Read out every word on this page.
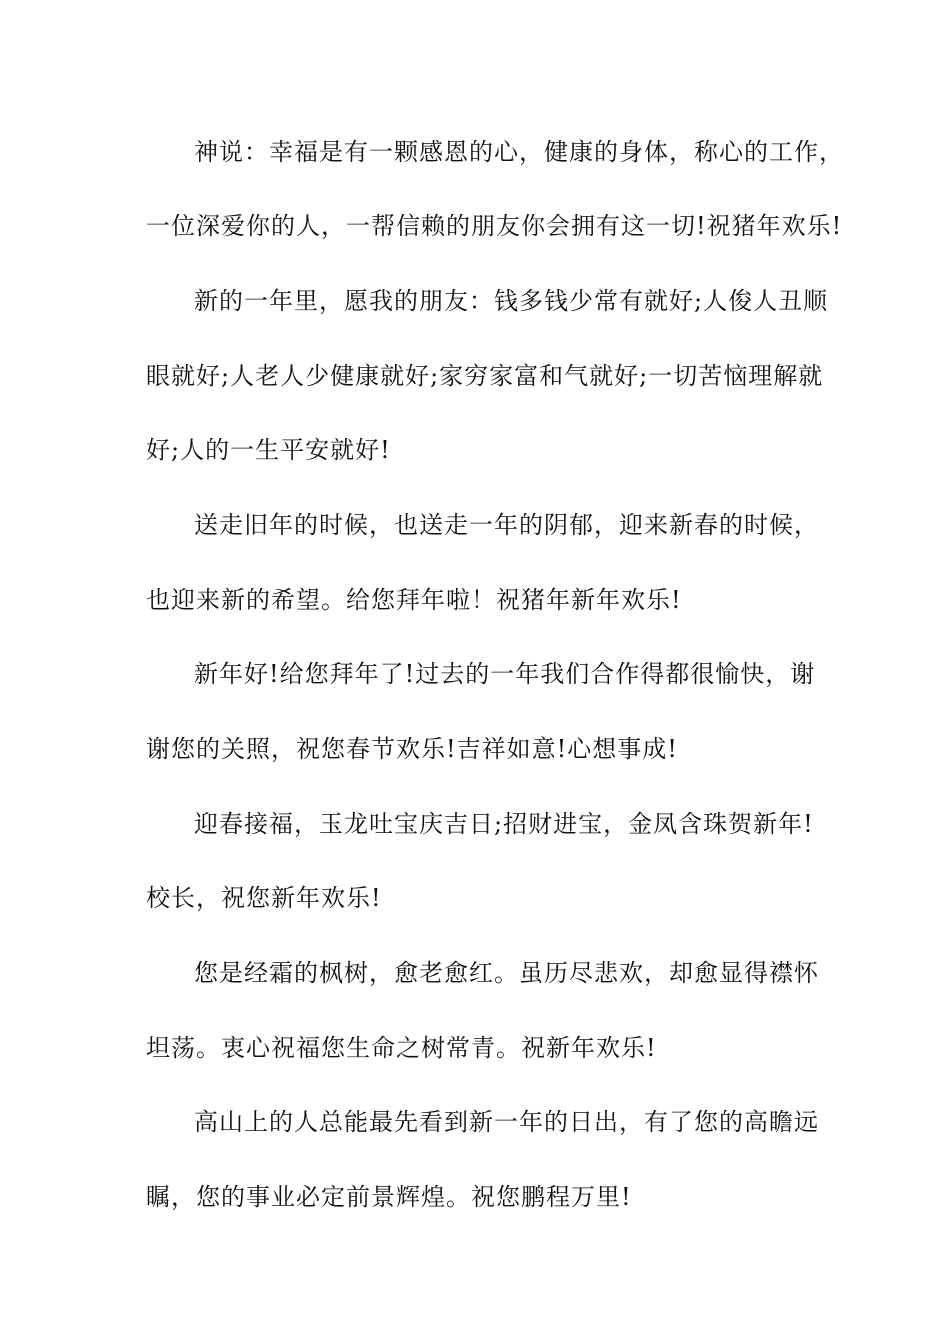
神说：幸福是有一颗感恩的心，健康的身体，称心的工作，
一位深爱你的人，一帮信赖的朋友你会拥有这一切!祝猪年欢乐!
新的一年里，愿我的朋友：钱多钱少常有就好;人俊人丑顺
眼就好;人老人少健康就好;家穷家富和气就好;一切苦恼理解就
好;人的一生平安就好!
送走旧年的时候，也送走一年的阴郁，迎来新春的时候，
也迎来新的希望。给您拜年啦！祝猪年新年欢乐!
新年好!给您拜年了!过去的一年我们合作得都很愉快，谢
谢您的关照，祝您春节欢乐!吉祥如意!心想事成!
迎春接福，玉龙吐宝庆吉日;招财进宝，金凤含珠贺新年!
校长，祝您新年欢乐!
您是经霜的枫树，愈老愈红。虽历尽悲欢，却愈显得襟怀
坦荡。衷心祝福您生命之树常青。祝新年欢乐!
高山上的人总能最先看到新一年的日出，有了您的高瞻远
瞩，您的事业必定前景辉煌。祝您鹏程万里!
